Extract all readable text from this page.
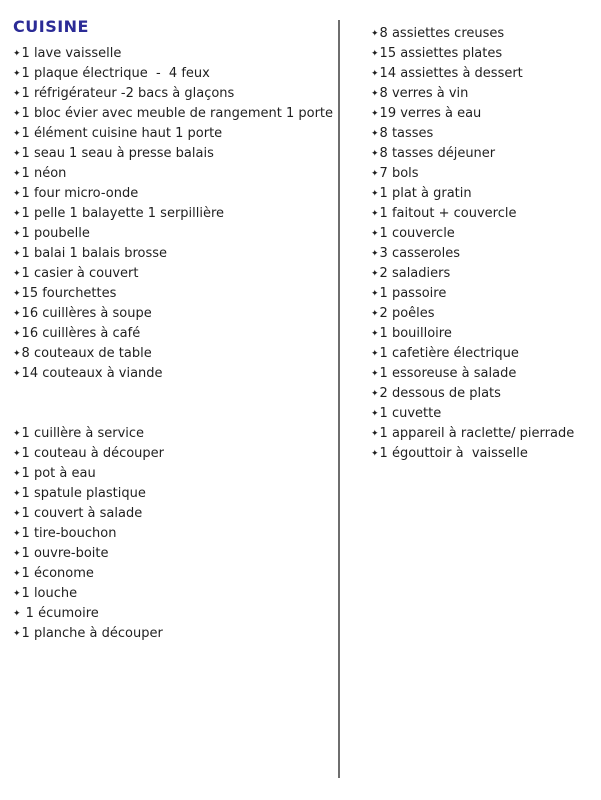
CUISINE
✦1 lave vaisselle
✦1 plaque électrique  -  4 feux
✦1 réfrigérateur -2 bacs à glaçons
✦1 bloc évier avec meuble de rangement 1 porte
✦1 élément cuisine haut 1 porte
✦1 seau 1 seau à presse balais
✦1 néon
✦1 four micro-onde
✦1 pelle 1 balayette 1 serpillière
✦1 poubelle
✦1 balai 1 balais brosse
✦1 casier à couvert
✦15 fourchettes
✦16 cuillères à soupe
✦16 cuillères à café
✦8 couteaux de table
✦14 couteaux à viande
✦1 cuillère à service
✦1 couteau à découper
✦1 pot à eau
✦1 spatule plastique
✦1 couvert à salade
✦1 tire-bouchon
✦1 ouvre-boite
✦1 économe
✦1 louche
✦ 1 écumoire
✦1 planche à découper
✦8 assiettes creuses
✦15 assiettes plates
✦14 assiettes à dessert
✦8 verres à vin
✦19 verres à eau
✦8 tasses
✦8 tasses déjeuner
✦7 bols
✦1 plat à gratin
✦1 faitout + couvercle
✦1 couvercle
✦3 casseroles
✦2 saladiers
✦1 passoire
✦2 poêles
✦1 bouilloire
✦1 cafetière électrique
✦1 essoreuse à salade
✦2 dessous de plats
✦1 cuvette
✦1 appareil à raclette/ pierrade
✦1 égouttoir à  vaisselle
